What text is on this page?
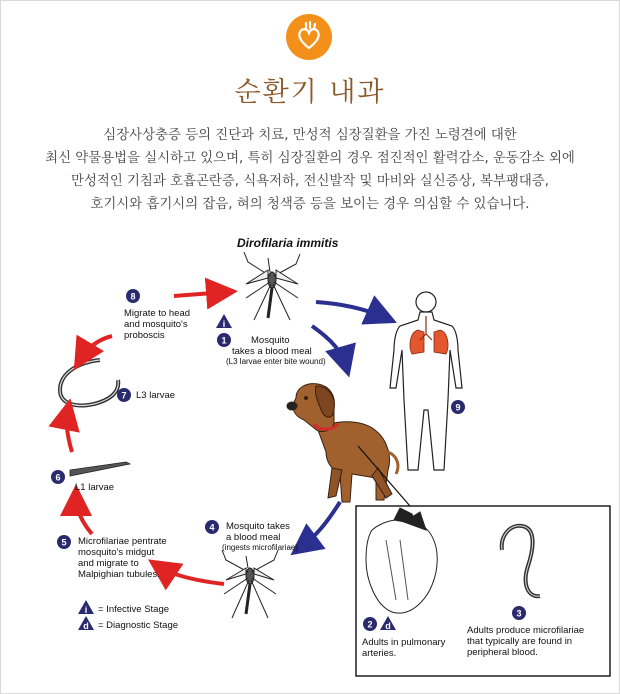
순환기 내과
심장사상충증 등의 진단과 치료, 만성적 심장질환을 가진 노령견에 대한
최신 약물용법을 실시하고 있으며, 특히 심장질환의 경우 점진적인 활력감소, 운동감소 외에
만성적인 기침과 호흡곤란증, 식욕저하, 전신발작 및 마비와 실신증상, 복부팽대증,
호기시와 흡기시의 잡음, 혀의 청색증 등을 보이는 경우 의심할 수 있습니다.
Dirofilaria immitis
8
Migrate to head
and mosquito's
proboscis
i
1	Mosquito
takes a blood meal
(L3 larvae enter bite wound)
7 L3 larvae
9
6
L1 larvae
4 Mosquito takes
a blood meal
(ingests microfilariae)
5 Microfilariae pentrate
mosquito's midgut
and migrate to
Malpighian tubules.
i = Infective Stage
d = Diagnostic Stage	2 d
Adults in pulmonary
arteries.
3
Adults produce microfilariae
that typically are found in
peripheral blood.
